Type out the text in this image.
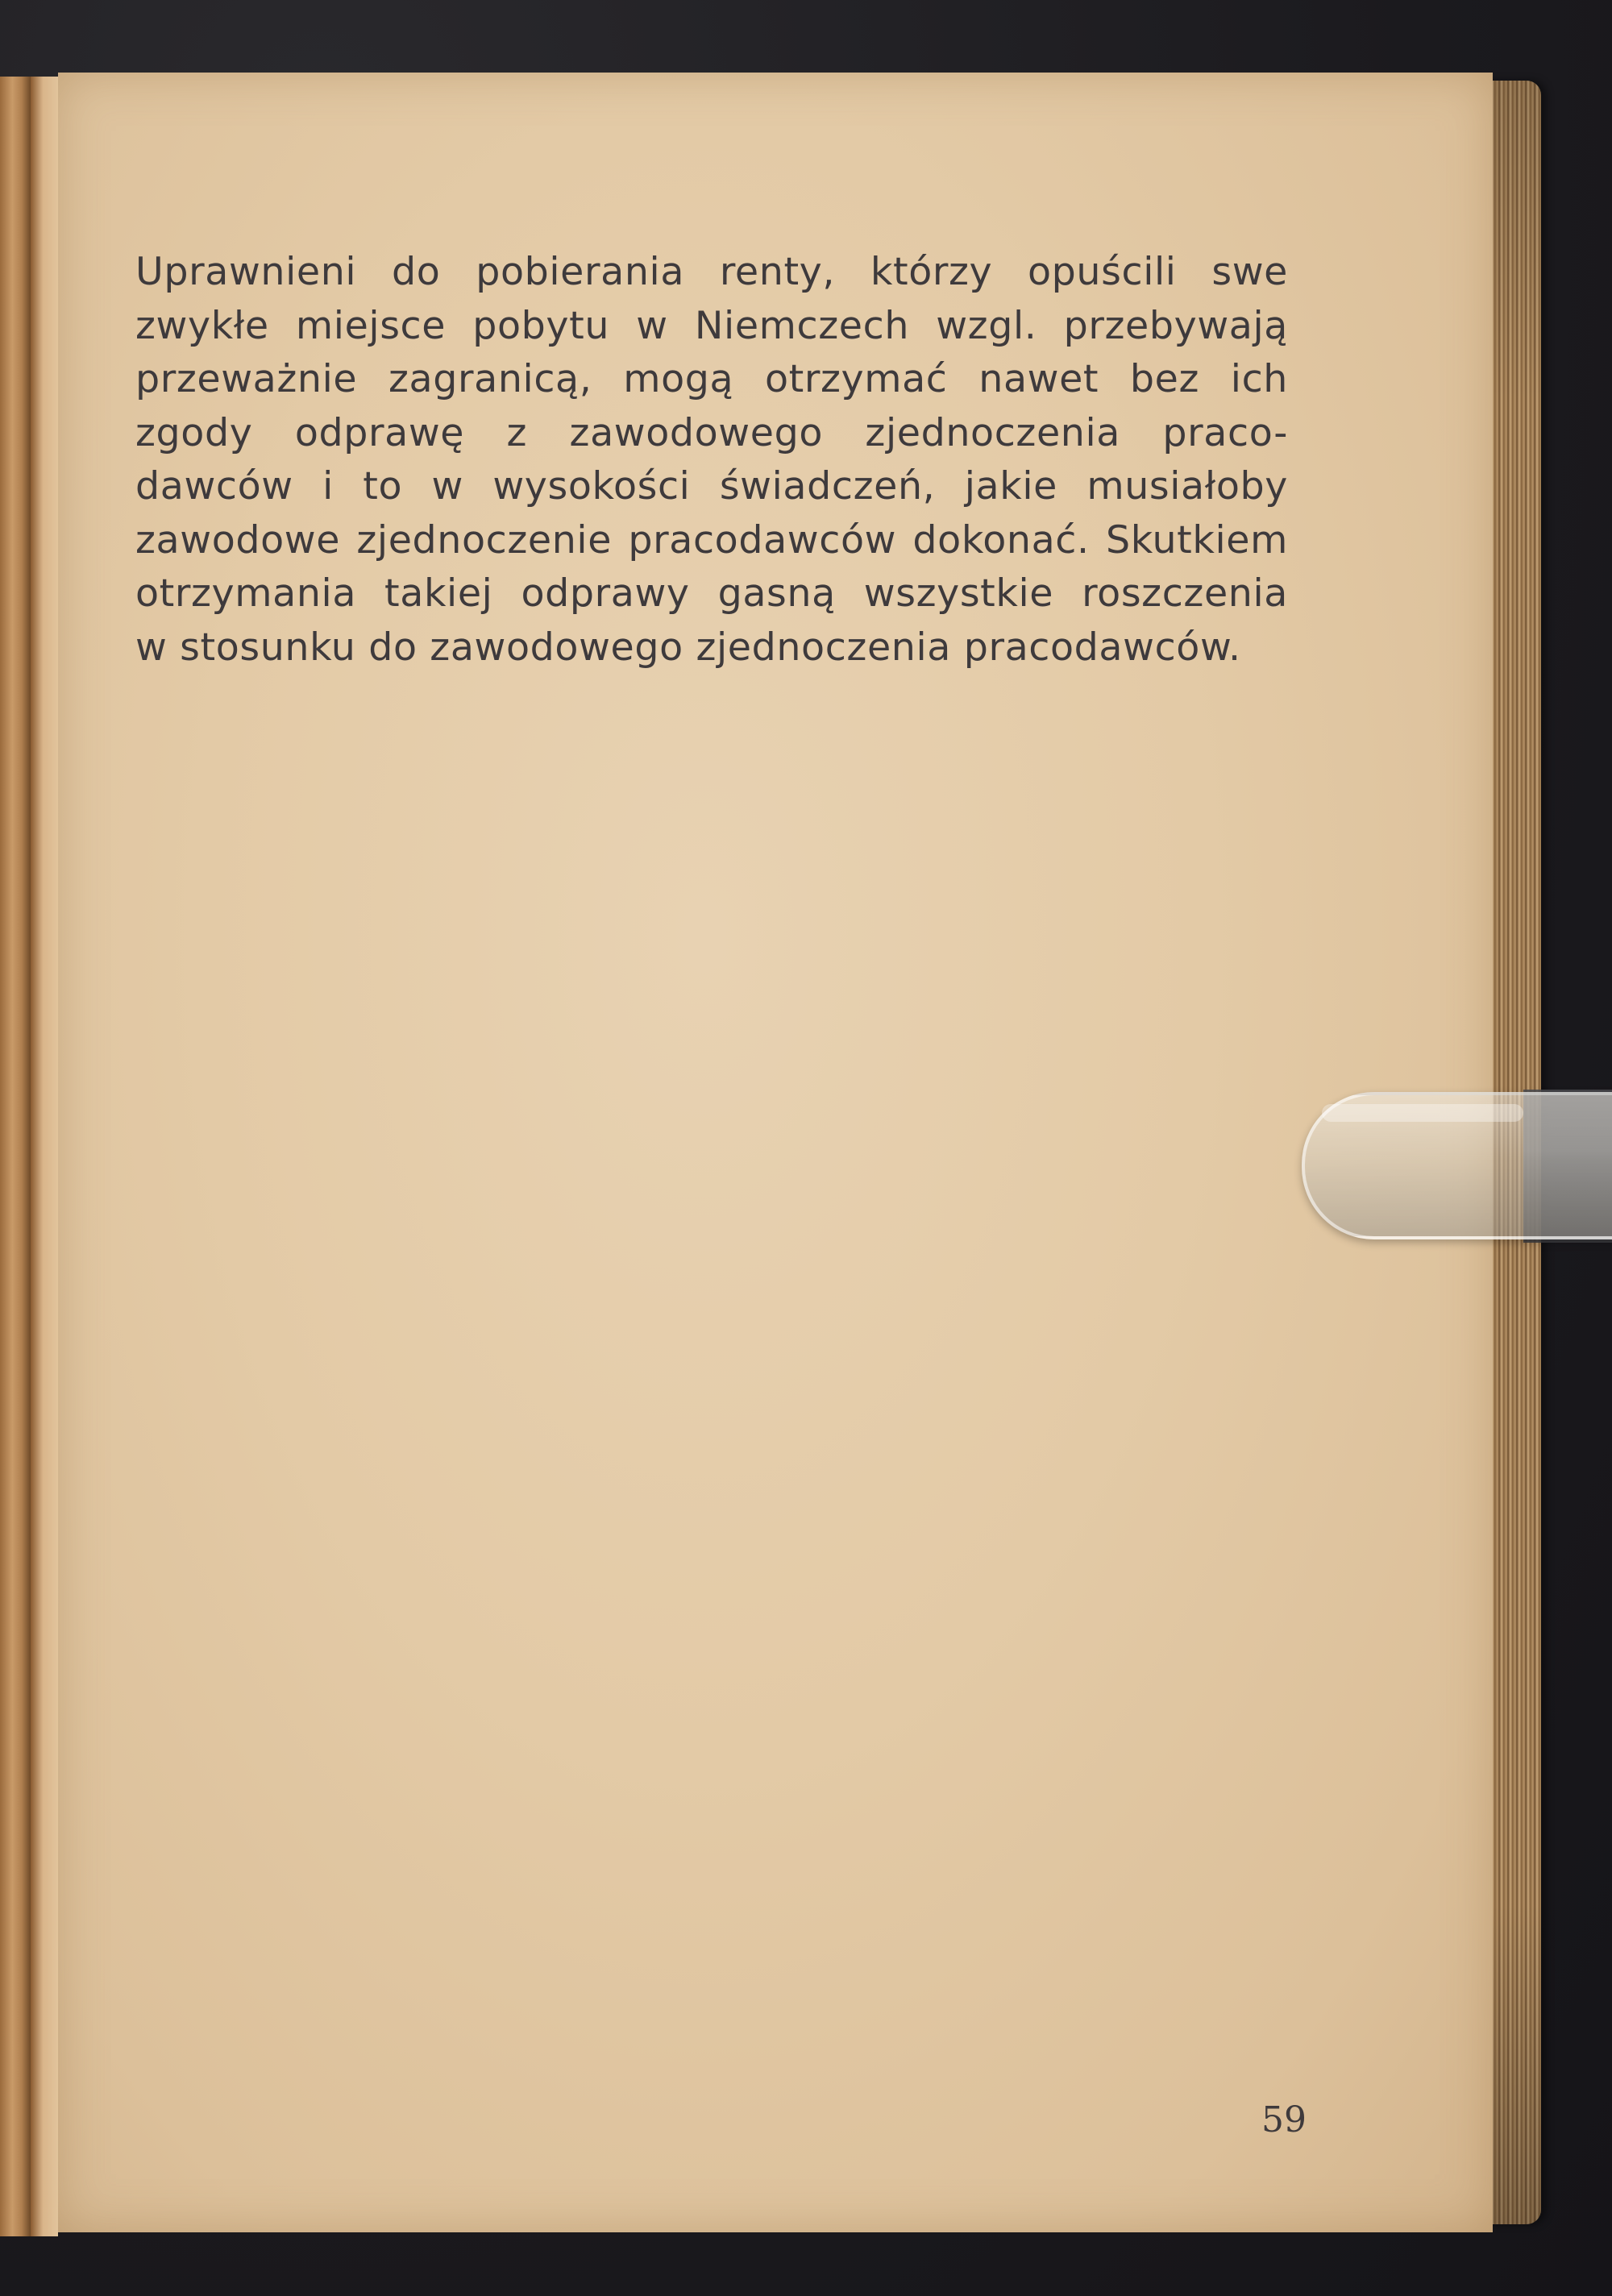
Uprawnieni do pobierania renty, którzy opuścili swe
zwykłe miejsce pobytu w Niemczech wzgl. przebywają
przeważnie zagranicą, mogą otrzymać nawet bez ich
zgody odprawę z zawodowego zjednoczenia praco-
dawców i to w wysokości świadczeń, jakie musiałoby
zawodowe zjednoczenie pracodawców dokonać. Skutkiem
otrzymania takiej odprawy gasną wszystkie roszczenia
w stosunku do zawodowego zjednoczenia pracodawców.
59
